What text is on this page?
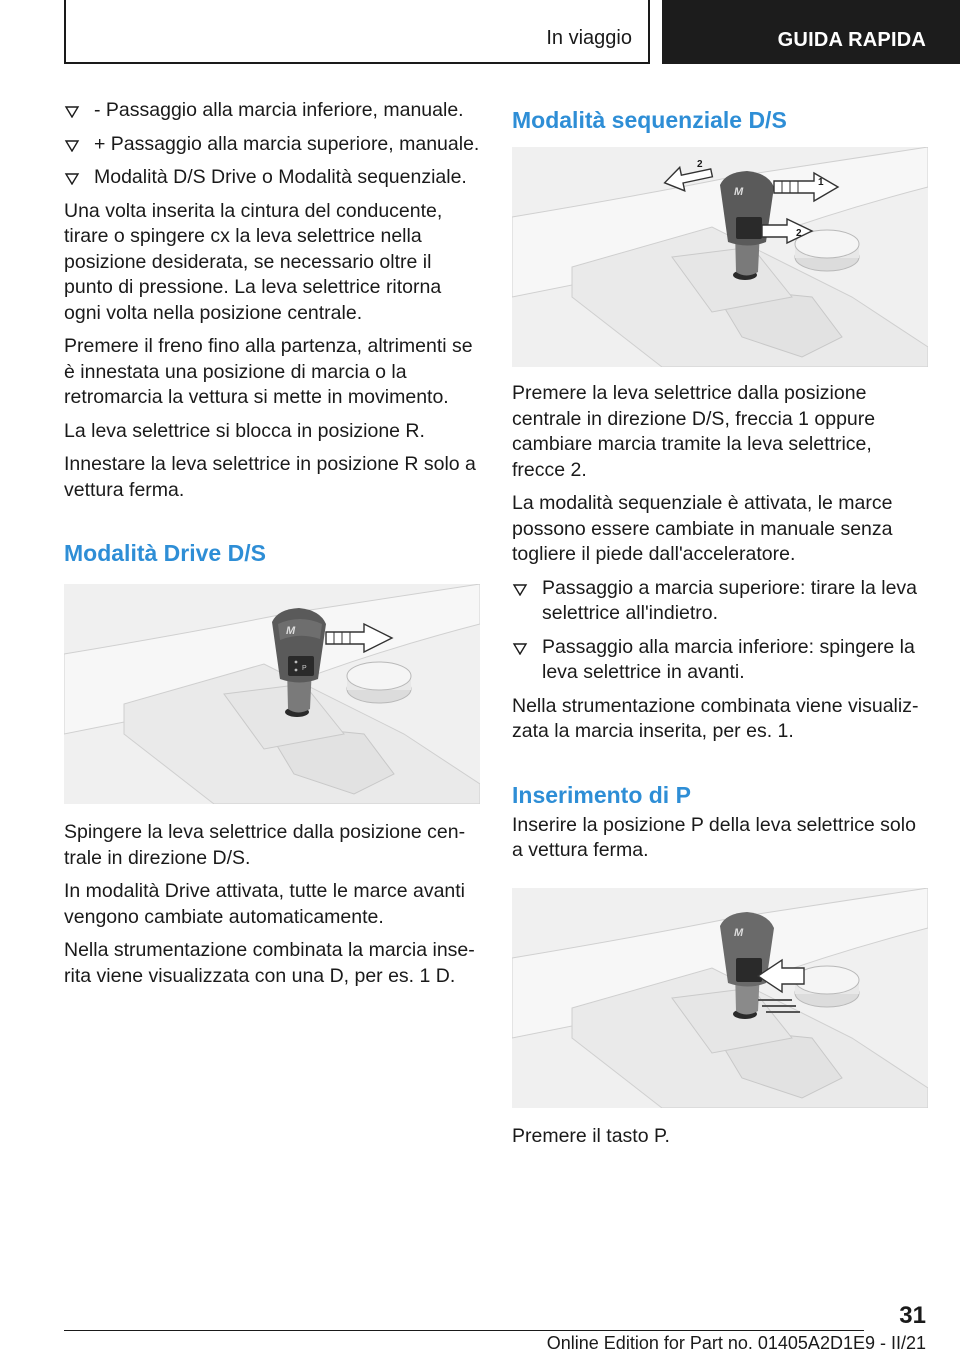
In viaggio	GUIDA RAPIDA
- Passaggio alla marcia inferiore, manuale.
+ Passaggio alla marcia superiore, manuale.
Modalità D/S Drive o Modalità sequenziale.

Una volta inserita la cintura del conducente, tirare o spingere cx la leva selettrice nella posizione desiderata, se necessario oltre il punto di pressione. La leva selettrice ritorna ogni volta nella posizione centrale.

Premere il freno fino alla partenza, altrimenti se è innestata una posizione di marcia o la retromarcia la vettura si mette in movimento.

La leva selettrice si blocca in posizione R.

Innestare la leva selettrice in posizione R solo a vettura ferma.

Modalità Drive D/S
M
P

Spingere la leva selettrice dalla posizione centrale in direzione D/S.

In modalità Drive attivata, tutte le marce avanti vengono cambiate automaticamente.

Nella strumentazione combinata la marcia inserita viene visualizzata con una D, per es. 1 D.

Modalità sequenziale D/S
M
2
2
1

Premere la leva selettrice dalla posizione centrale in direzione D/S, freccia 1 oppure cambiare marcia tramite la leva selettrice, frecce 2.

La modalità sequenziale è attivata, le marce possono essere cambiate in manuale senza togliere il piede dall'acceleratore.

Passaggio a marcia superiore: tirare la leva selettrice all'indietro.
Passaggio alla marcia inferiore: spingere la leva selettrice in avanti.

Nella strumentazione combinata viene visualizzata la marcia inserita, per es. 1.

Inserimento di P

Inserire la posizione P della leva selettrice solo a vettura ferma.

M

Premere il tasto P.

31
Online Edition for Part no. 01405A2D1E9 - II/21
